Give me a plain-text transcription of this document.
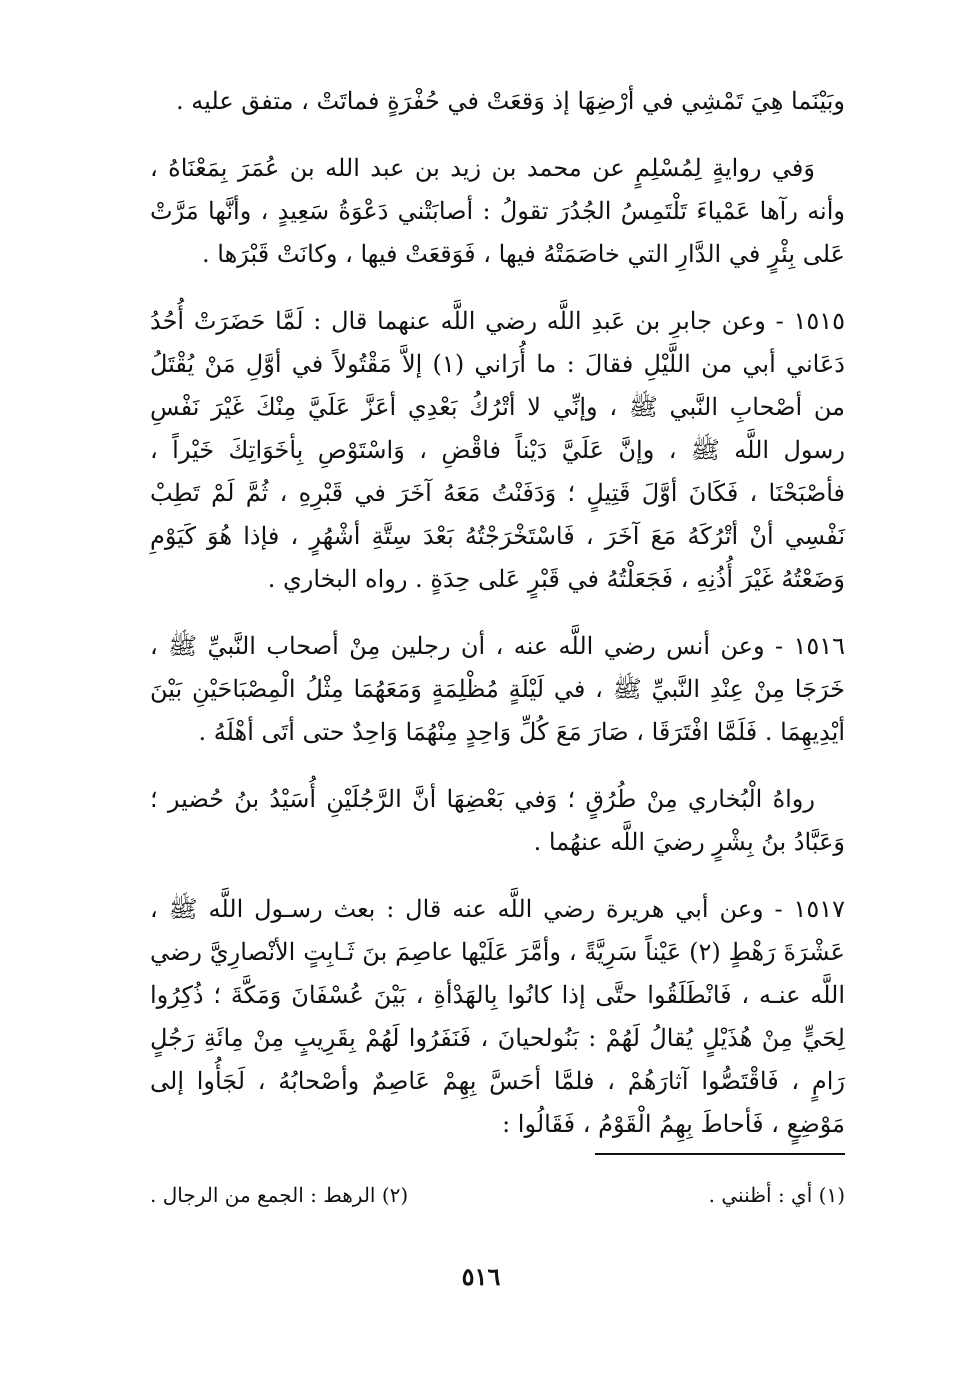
وبَيْنَما هِيَ تَمْشِي في أرْضِهَا إذ وَقعَتْ في حُفْرَةٍ فماتَتْ ، متفق عليه .

وَفي روايةٍ لِمُسْلِمٍ عن محمد بن زيد بن عبد الله بن عُمَرَ بِمَعْنَاهُ ، وأنه رآها عَمْياءَ تَلْتَمِسُ الجُدُرَ تقولُ : أصابَتْني دَعْوَةُ سَعِيدٍ ، وأنَّها مَرَّتْ عَلى بِئْرٍ في الدَّارِ التي خاصَمَتْهُ فيها ، فَوَقعَتْ فيها ، وكانَتْ قَبْرَها .

١٥١٥ - وعن جابرِ بن عَبدِ اللَّه رضي اللَّه عنهما قال : لَمَّا حَضَرَتْ أُحُدُ دَعَاني أبي من اللَّيْلِ فقالَ : ما أُرَاني (١) إلاَّ مَقْتُولاً في أوَّلِ مَنْ يُقْتَلُ من أصْحابِ النَّبي ﷺ ، وإنِّي لا أتْرُكُ بَعْدِي أعَزَّ عَلَيَّ مِنْكَ غَيْرَ نَفْسِ رسول اللَّه ﷺ ، وإنَّ عَلَيَّ دَيْناً فاقْضِ ، وَاسْتَوْصِ بِأخَوَاتِكَ خَيْراً ، فأصْبَحْنَا ، فَكَانَ أوَّلَ قَتِيلٍ ؛ وَدَفَنْتُ مَعَهُ آخَرَ في قَبْرِهِ ، ثُمَّ لَمْ تَطِبْ نَفْسِي أنْ أتْرُكَهُ مَعَ آخَرَ ، فَاسْتَخْرَجْتُهُ بَعْدَ سِتَّةِ أشْهُرٍ ، فإذا هُوَ كَيَوْمِ وَضَعْتُهُ غَيْرَ أُذُنِهِ ، فَجَعَلْتُهُ في قَبْرٍ عَلى حِدَةٍ . رواه البخاري .

١٥١٦ - وعن أنس رضي اللَّه عنه ، أن رجلين مِنْ أصحاب النَّبيِّ ﷺ ، خَرَجَا مِنْ عِنْدِ النَّبيِّ ﷺ ، في لَيْلَةٍ مُظْلِمَةٍ وَمَعَهُمَا مِثْلُ الْمِصْبَاحَيْنِ بَيْنَ أيْدِيهِمَا . فَلَمَّا افْتَرَقَا ، صَارَ مَعَ كُلِّ وَاحِدٍ مِنْهُمَا وَاحِدٌ حتى أتَى أهْلَهُ .

رواهُ الْبُخاري مِنْ طُرُقٍ ؛ وَفي بَعْضِهَا أنَّ الرَّجُلَيْنِ أُسَيْدُ بنُ حُضير ؛ وَعَبَّادُ بنُ بِشْرٍ رضيَ اللَّه عنهُما .

١٥١٧ - وعن أبي هريرة رضي اللَّه عنه قال : بعث رسـول اللَّه ﷺ ، عَشْرَةَ رَهْطٍ (٢) عَيْناً سَرِيَّةً ، وأمَّرَ عَلَيْها عاصِمَ بنَ ثَـابِتٍ الأنْصارِيَّ رضي اللَّه عنـه ، فَانْطَلَقُوا حتَّى إذا كانُوا بِالهَدْأةِ ، بَيْنَ عُسْفَانَ وَمَكَّةَ ؛ ذُكِرُوا لِحَيٍّ مِنْ هُذَيْلٍ يُقالُ لَهُمْ : بَنُولحيانَ ، فَنَفَرُوا لَهُمْ بِقَرِيبٍ مِنْ مِائَةِ رَجُلٍ رَامٍ ، فَاقْتَصُّوا آثارَهُمْ ، فلمَّا أحَسَّ بِهِمْ عَاصِمٌ وأصْحابُهُ ، لَجَأُوا إلى مَوْضِعٍ ، فَأحاطَ بِهِمُ الْقَوْمُ ، فَقَالُوا :

(١) أي : أظنني .
(٢) الرهط : الجمع من الرجال .
٥١٦
